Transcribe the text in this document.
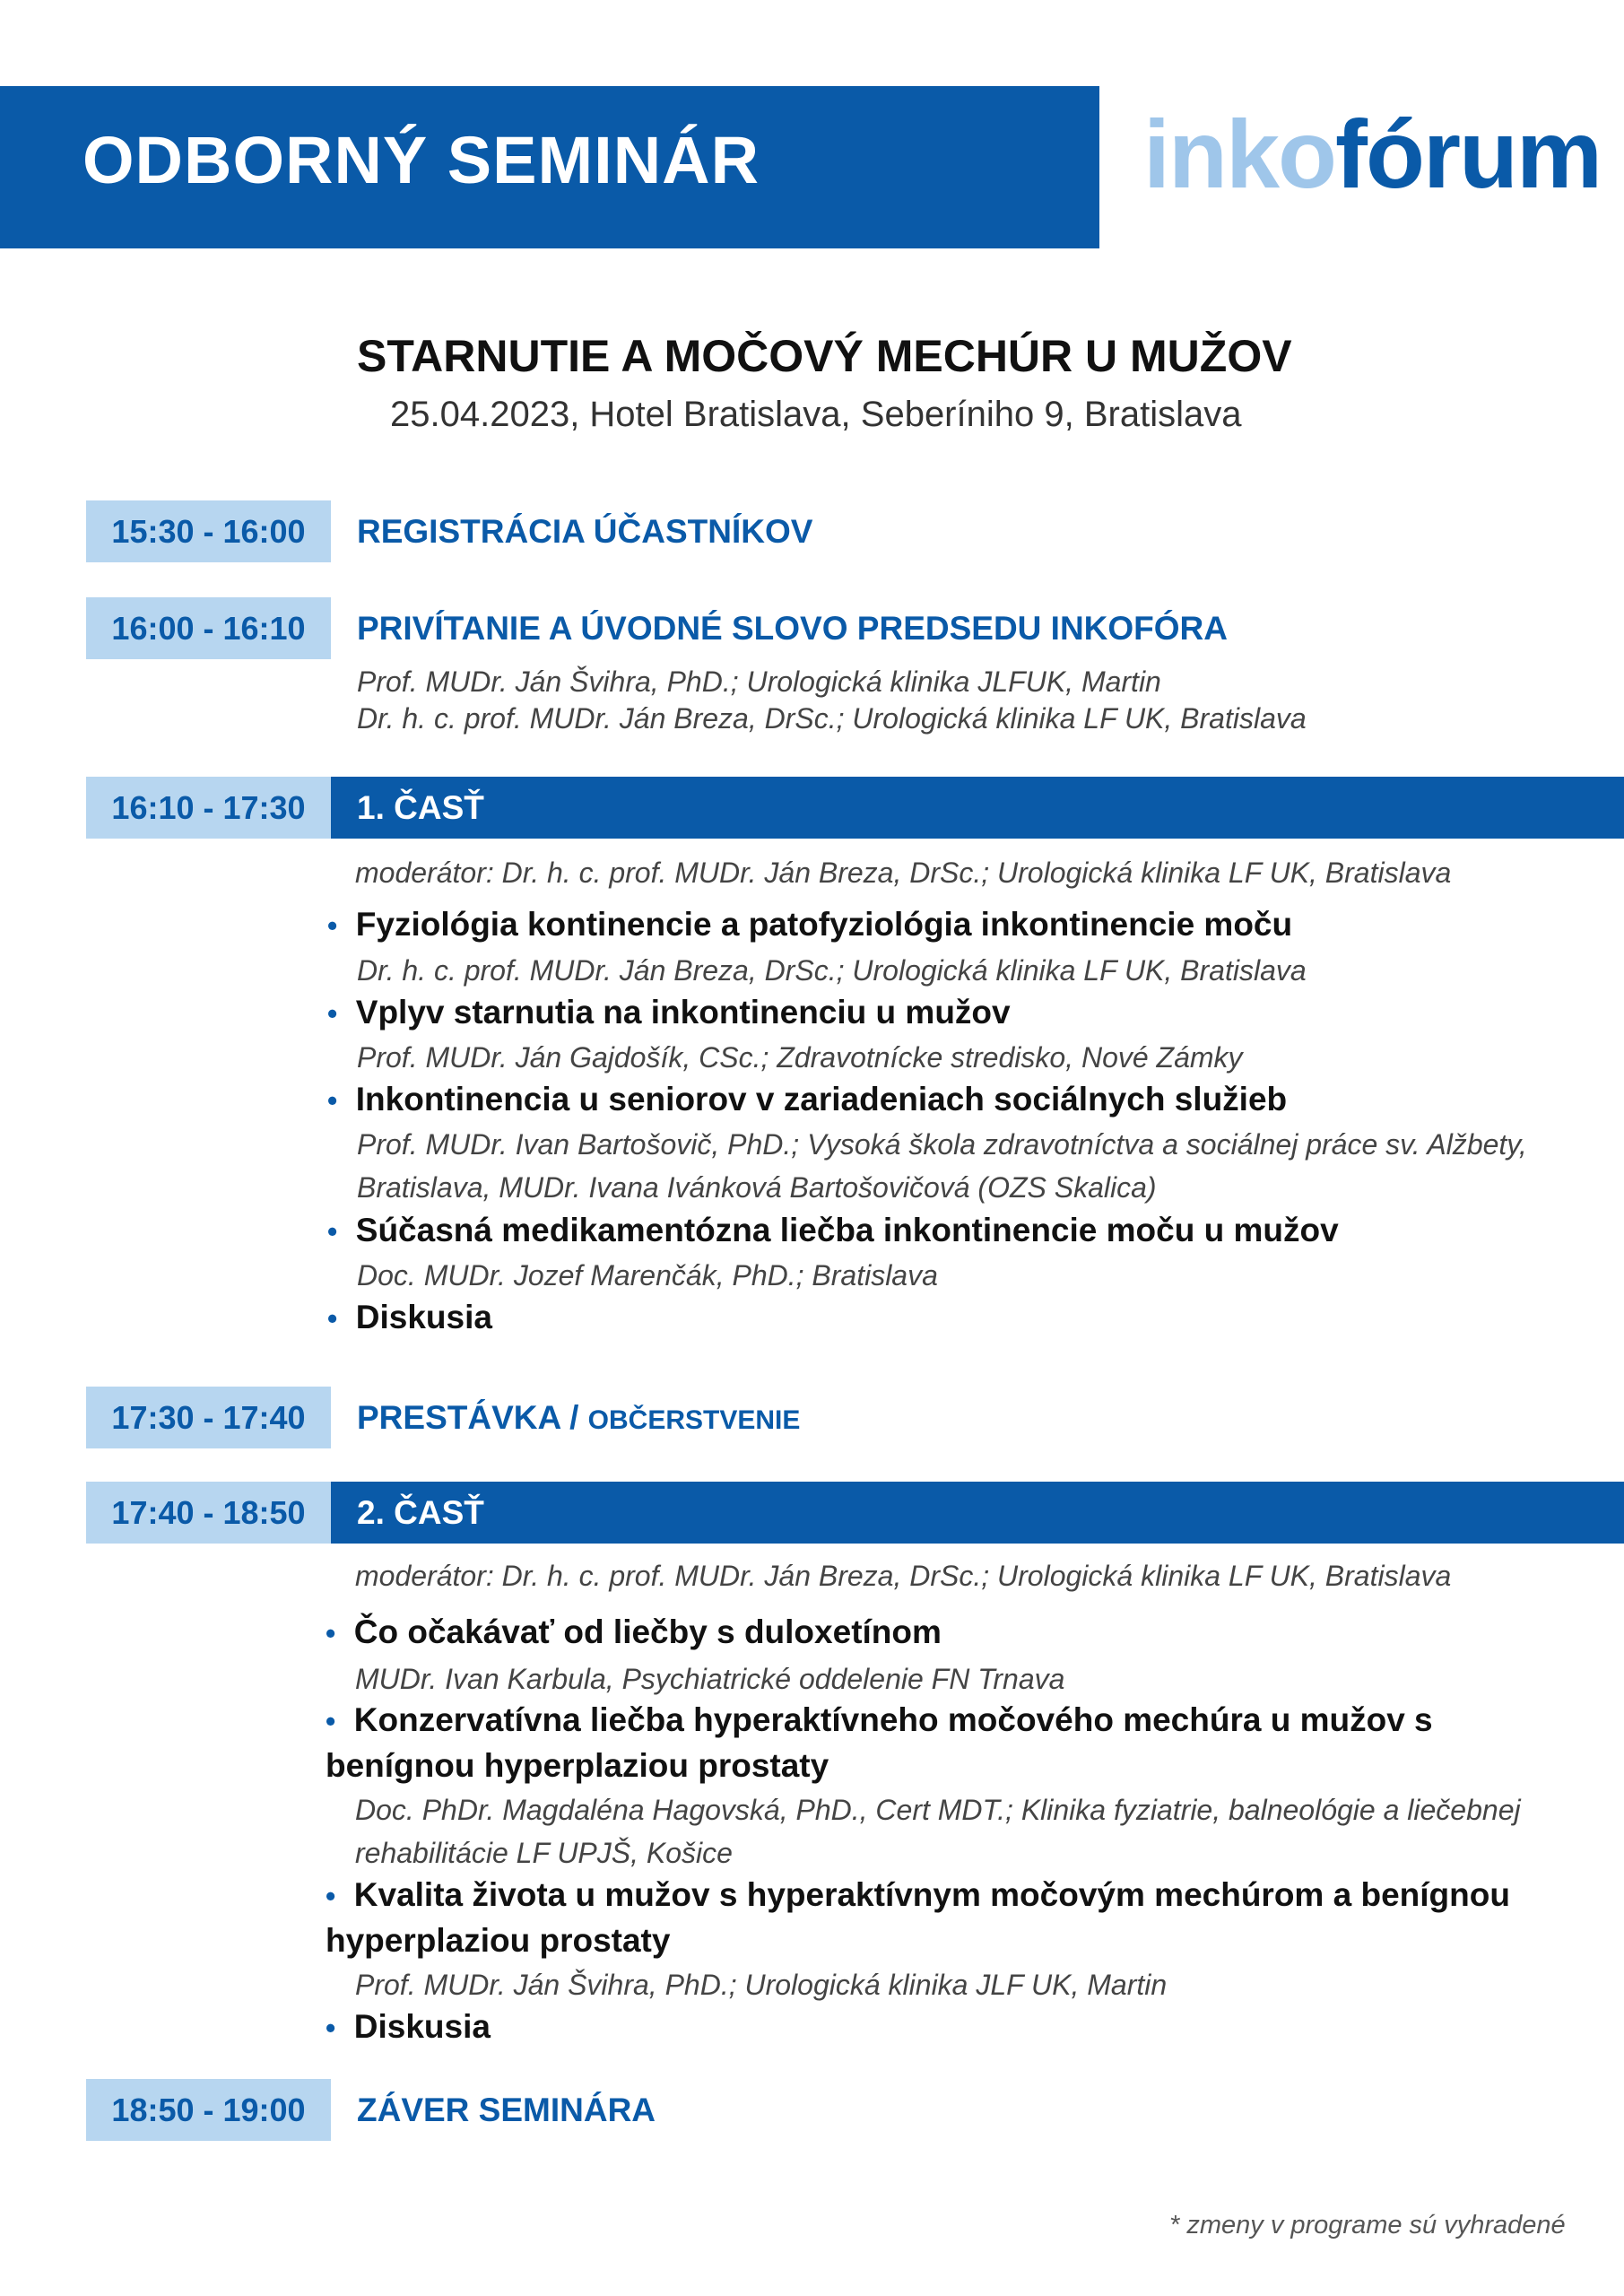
ODBORNÝ SEMINÁR	inkofórum
STARNUTIE A MOČOVÝ MECHÚR U MUŽOV
25.04.2023, Hotel Bratislava, Seberíniho 9, Bratislava
15:30 - 16:00	REGISTRÁCIA ÚČASTNÍKOV
16:00 - 16:10	PRIVÍTANIE A ÚVODNÉ SLOVO PREDSEDU INKOFÓRA
Prof. MUDr. Ján Švihra, PhD.; Urologická klinika JLFUK, Martin
Dr. h. c. prof. MUDr. Ján Breza, DrSc.; Urologická klinika LF UK, Bratislava
16:10 - 17:30	1. ČASŤ
moderátor: Dr. h. c. prof. MUDr. Ján Breza, DrSc.; Urologická klinika LF UK, Bratislava
• Fyziológia kontinencie a patofyziológia inkontinencie moču
Dr. h. c. prof. MUDr. Ján Breza, DrSc.; Urologická klinika LF UK, Bratislava
• Vplyv starnutia na inkontinenciu u mužov
Prof. MUDr. Ján Gajdošík, CSc.; Zdravotnícke stredisko, Nové Zámky
• Inkontinencia u seniorov v zariadeniach sociálnych služieb
Prof. MUDr. Ivan Bartošovič, PhD.; Vysoká škola zdravotníctva a sociálnej práce sv. Alžbety, Bratislava, MUDr. Ivana Ivánková Bartošovičová (OZS Skalica)
• Súčasná medikamentózna liečba inkontinencie moču u mužov
Doc. MUDr. Jozef Marenčák, PhD.; Bratislava
• Diskusia
17:30 - 17:40	PRESTÁVKA / OBČERSTVENIE
17:40 - 18:50	2. ČASŤ
moderátor: Dr. h. c. prof. MUDr. Ján Breza, DrSc.; Urologická klinika LF UK, Bratislava
• Čo očakávať od liečby s duloxetínom
MUDr. Ivan Karbula, Psychiatrické oddelenie FN Trnava
• Konzervatívna liečba hyperaktívneho močového mechúra u mužov s benígnou hyperplaziou prostaty
Doc. PhDr. Magdaléna Hagovská, PhD., Cert MDT.; Klinika fyziatrie, balneológie a liečebnej rehabilitácie LF UPJŠ, Košice
• Kvalita života u mužov s hyperaktívnym močovým mechúrom a benígnou hyperplaziou prostaty
Prof. MUDr. Ján Švihra, PhD.; Urologická klinika JLF UK, Martin
• Diskusia
18:50 - 19:00	ZÁVER SEMINÁRA
* zmeny v programe sú vyhradené
